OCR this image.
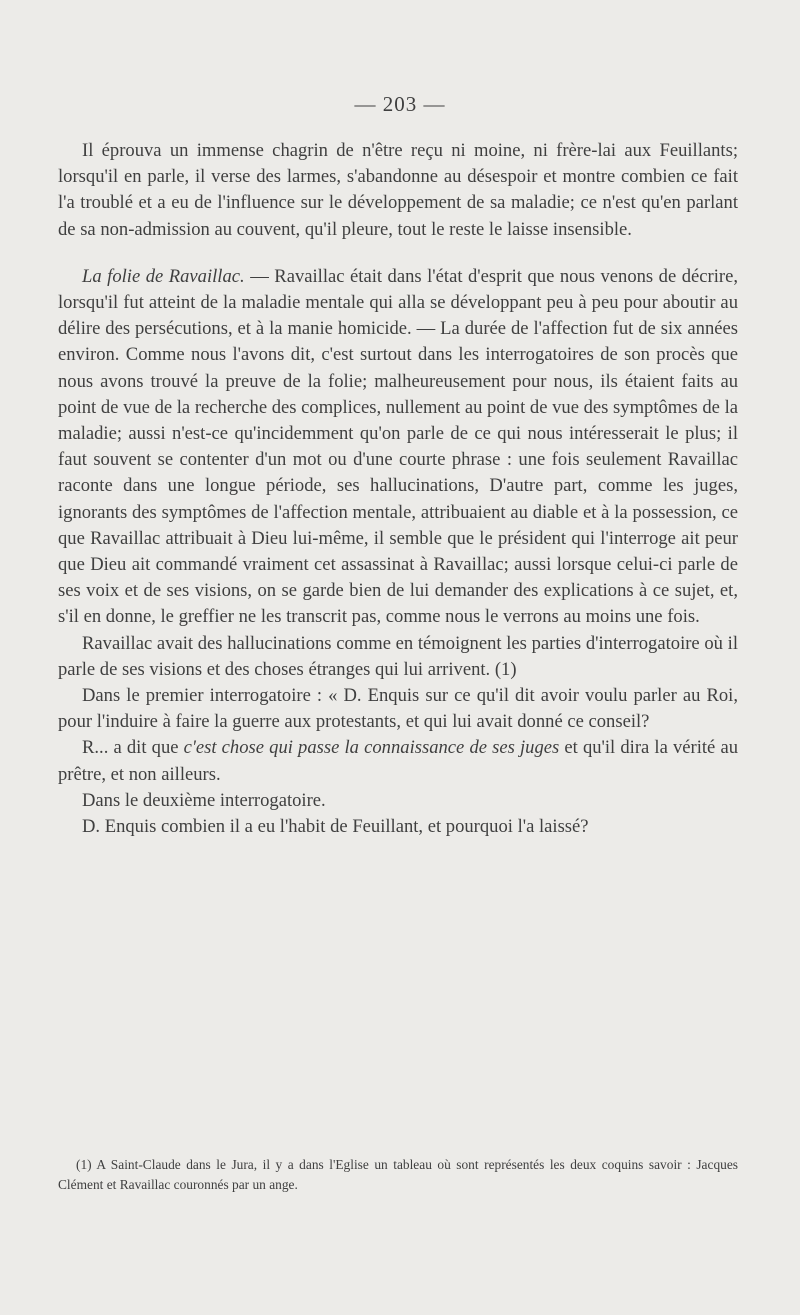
— 203 —

Il éprouva un immense chagrin de n'être reçu ni moine, ni frère-lai aux Feuillants; lorsqu'il en parle, il verse des larmes, s'abandonne au désespoir et montre combien ce fait l'a troublé et a eu de l'influence sur le développement de sa maladie; ce n'est qu'en parlant de sa non-admission au couvent, qu'il pleure, tout le reste le laisse insensible.

La folie de Ravaillac. — Ravaillac était dans l'état d'esprit que nous venons de décrire, lorsqu'il fut atteint de la maladie mentale qui alla se développant peu à peu pour aboutir au délire des persécutions, et à la manie homicide. — La durée de l'affection fut de six années environ. Comme nous l'avons dit, c'est surtout dans les interrogatoires de son procès que nous avons trouvé la preuve de la folie; malheureusement pour nous, ils étaient faits au point de vue de la recherche des complices, nullement au point de vue des symptômes de la maladie; aussi n'est-ce qu'incidemment qu'on parle de ce qui nous intéresserait le plus; il faut souvent se contenter d'un mot ou d'une courte phrase : une fois seulement Ravaillac raconte dans une longue période, ses hallucinations, D'autre part, comme les juges, ignorants des symptômes de l'affection mentale, attribuaient au diable et à la possession, ce que Ravaillac attribuait à Dieu lui-même, il semble que le président qui l'interroge ait peur que Dieu ait commandé vraiment cet assassinat à Ravaillac; aussi lorsque celui-ci parle de ses voix et de ses visions, on se garde bien de lui demander des explications à ce sujet, et, s'il en donne, le greffier ne les transcrit pas, comme nous le verrons au moins une fois.

Ravaillac avait des hallucinations comme en témoignent les parties d'interrogatoire où il parle de ses visions et des choses étranges qui lui arrivent. (1)

Dans le premier interrogatoire : « D. Enquis sur ce qu'il dit avoir voulu parler au Roi, pour l'induire à faire la guerre aux protestants, et qui lui avait donné ce conseil?

R... a dit que c'est chose qui passe la connaissance de ses juges et qu'il dira la vérité au prêtre, et non ailleurs.

Dans le deuxième interrogatoire.

D. Enquis combien il a eu l'habit de Feuillant, et pourquoi l'a laissé?

(1) A Saint-Claude dans le Jura, il y a dans l'Eglise un tableau où sont représentés les deux coquins savoir : Jacques Clément et Ravaillac couronnés par un ange.
